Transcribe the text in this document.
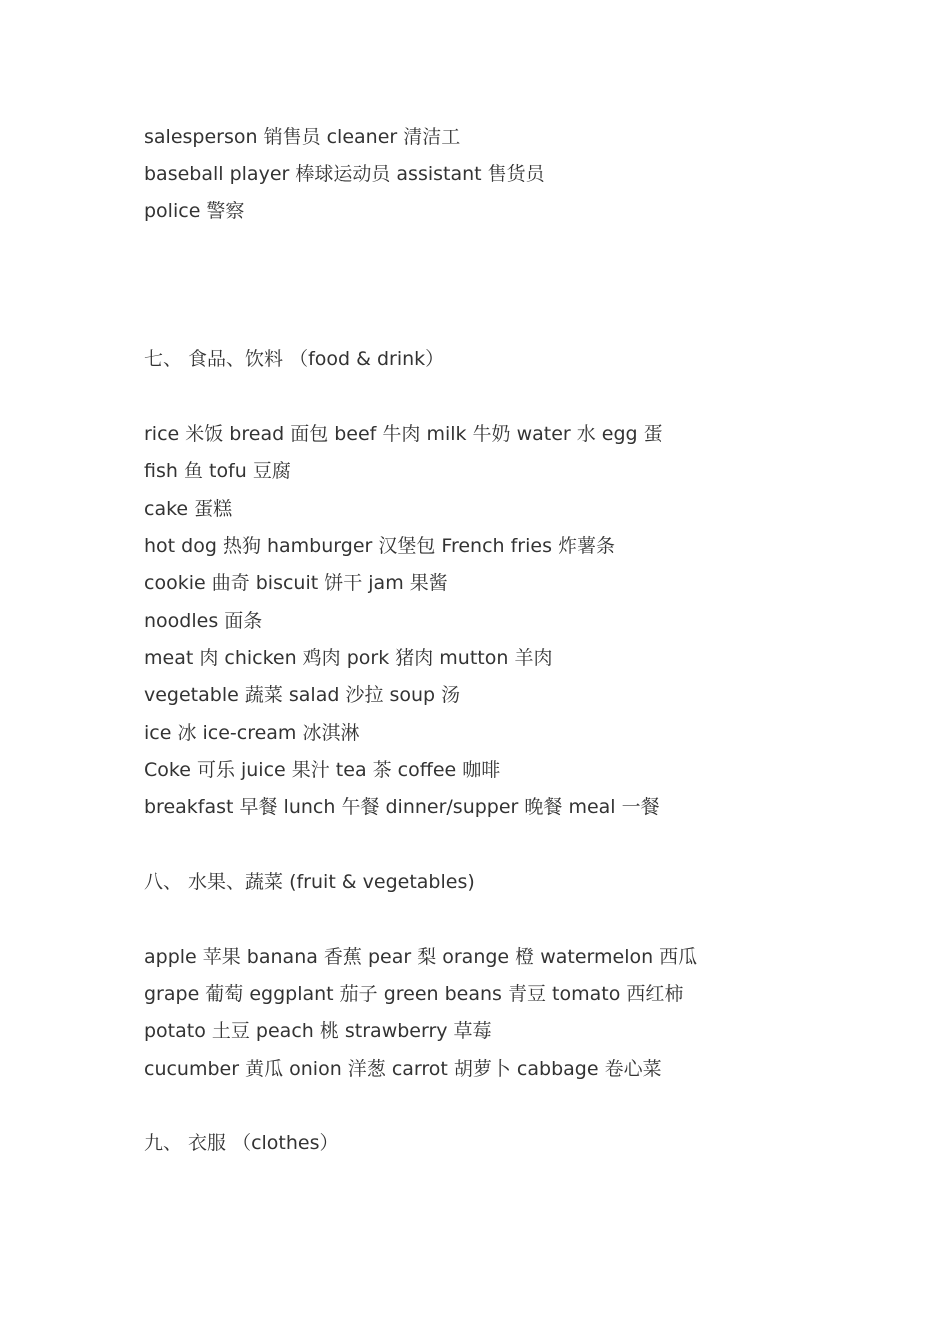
salesperson 销售员 cleaner 清洁工
baseball player 棒球运动员 assistant 售货员
police 警察
七、 食品、饮料 （food & drink）
rice 米饭 bread 面包 beef 牛肉 milk 牛奶 water 水 egg 蛋
fish 鱼 tofu 豆腐
cake 蛋糕
hot dog 热狗 hamburger 汉堡包 French fries 炸薯条
cookie 曲奇 biscuit 饼干 jam 果酱
noodles 面条
meat 肉 chicken 鸡肉 pork 猪肉 mutton 羊肉
vegetable 蔬菜 salad 沙拉 soup 汤
ice 冰 ice-cream 冰淇淋
Coke 可乐 juice 果汁 tea 茶 coffee 咖啡
breakfast 早餐 lunch 午餐 dinner/supper 晚餐 meal 一餐
八、 水果、蔬菜 (fruit & vegetables)
apple 苹果 banana 香蕉 pear 梨 orange 橙 watermelon 西瓜
grape 葡萄 eggplant 茄子 green beans 青豆 tomato 西红柿
potato 土豆 peach 桃 strawberry 草莓
cucumber 黄瓜 onion 洋葱 carrot 胡萝卜 cabbage 卷心菜
九、 衣服 （clothes）
